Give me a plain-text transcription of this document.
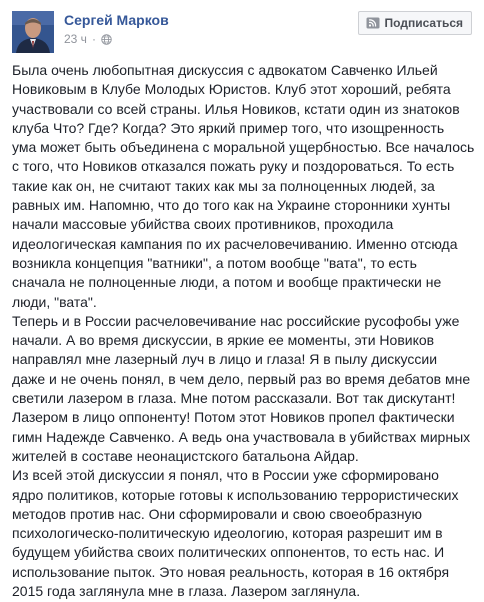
Сергей Марков
23 ч ·
Подписаться

Была очень любопытная дискуссия с адвокатом Савченко Ильей

Новиковым в Клубе Молодых Юристов. Клуб этот хороший, ребята

участвовали со всей страны. Илья Новиков, кстати один из знатоков

клуба Что? Где? Когда? Это яркий пример того, что изощренность

ума может быть объединена с моральной ущербностью. Все началось

с того, что Новиков отказался пожать руку и поздороваться. То есть

такие как он, не считают таких как мы за полноценных людей, за

равных им. Напомню, что до того как на Украине сторонники хунты

начали массовые убийства своих противников, проходила

идеологическая кампания по их расчеловечиванию. Именно отсюда

возникла концепция "ватники", а потом вообще "вата", то есть

сначала не полноценные люди, а потом и вообще практически не

люди, "вата".

Теперь и в России расчеловечивание нас российские русофобы уже

начали. А во время дискуссии, в яркие ее моменты, эти Новиков

направлял мне лазерный луч в лицо и глаза! Я в пылу дискуссии

даже и не очень понял, в чем дело, первый раз во время дебатов мне

светили лазером в глаза. Мне потом рассказали. Вот так дискутант!

Лазером в лицо оппоненту! Потом этот Новиков пропел фактически

гимн Надежде Савченко. А ведь она участвовала в убийствах мирных

жителей в составе неонацистского батальона Айдар.

Из всей этой дискуссии я понял, что в России уже сформировано

ядро политиков, которые готовы к использованию террористических

методов против нас. Они сформировали и свою своеобразную

психологическо-политическую идеологию, которая разрешит им в

будущем убийства своих политических оппонентов, то есть нас. И

использование пыток. Это новая реальность, которая в 16 октября

2015 года заглянула мне в глаза. Лазером заглянула.
